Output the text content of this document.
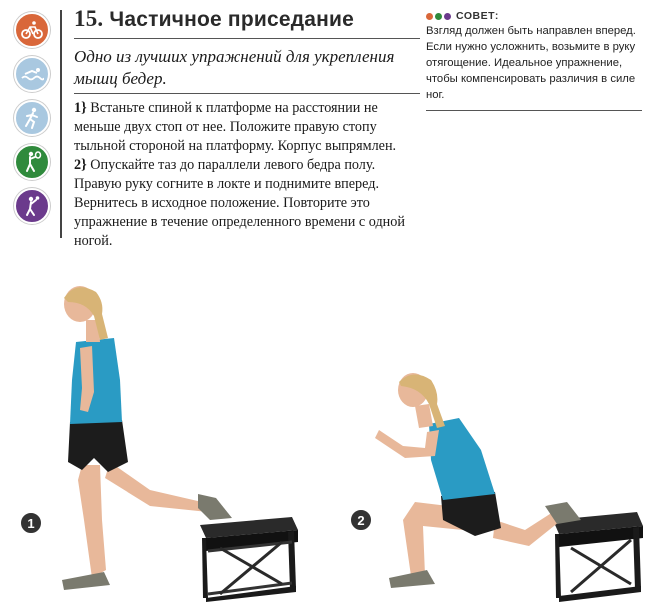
15. Частичное приседание
Одно из лучших упражнений для укрепления мышц бедер.
1} Встаньте спиной к платформе на расстоянии не меньше двух стоп от нее. Положите правую стопу тыльной стороной на платформу. Корпус выпрямлен.   2} Опускайте таз до параллели левого бедра полу. Правую руку согните в локте и поднимите вперед. Вернитесь в исходное положение. Повторите это упражнение в течение определенного времени с одной ногой.
СОВЕТ:
Взгляд должен быть направлен вперед. Если нужно усложнить, возьмите в руку отягощение. Идеальное упражнение, чтобы компенсировать различия в силе ног.
1	2
